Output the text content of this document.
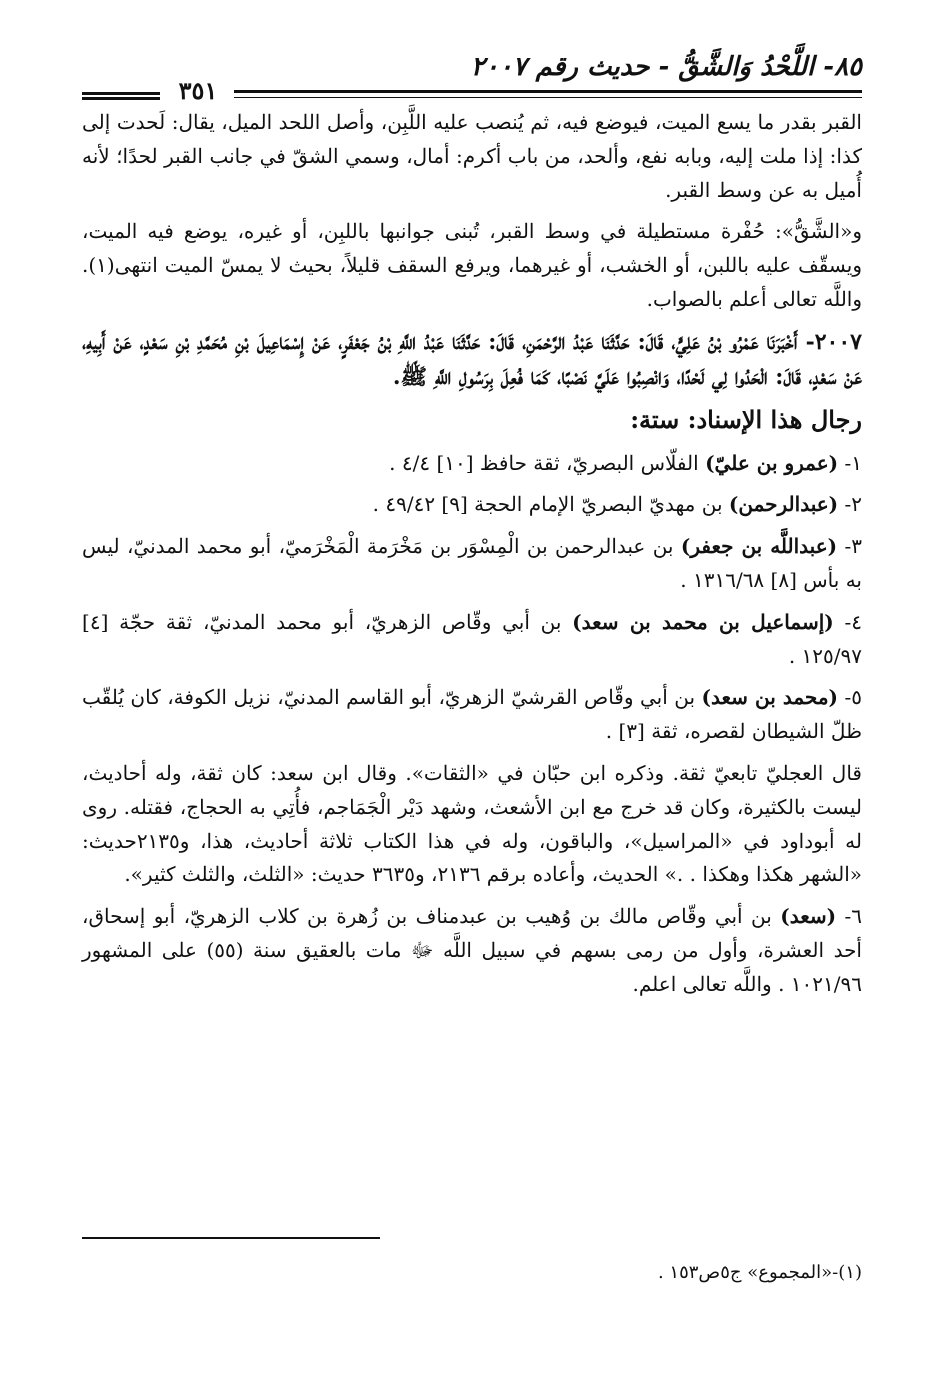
٨٥- اللَّحْدُ وَالشَّقُّ - حديث رقم ٢٠٠٧
٣٥١

القبر بقدر ما يسع الميت، فيوضع فيه، ثم يُنصب عليه اللَّبِن، وأصل اللحد الميل، يقال: لَحدت إلى كذا: إذا ملت إليه، وبابه نفع، وألحد، من باب أكرم: أمال، وسمي الشقّ في جانب القبر لحدًا؛ لأنه أُميل به عن وسط القبر.

و«الشَّقُّ»: حُفْرة مستطيلة في وسط القبر، تُبنى جوانبها باللبِن، أو غيره، يوضع فيه الميت، ويسقّف عليه باللبن، أو الخشب، أو غيرهما، ويرفع السقف قليلاً، بحيث لا يمسّ الميت انتهى(١). واللَّه تعالى أعلم بالصواب.

٢٠٠٧- أَخْبَرَنَا عَمْرُو بْنُ عَلِيٍّ، قَالَ: حَدَّثَنَا عَبْدُ الرَّحْمَنِ، قَالَ: حَدَّثَنَا عَبْدُ اللَّهِ بْنُ جَعْفَرٍ، عَنْ إِسْمَاعِيلَ بْنِ مُحَمَّدِ بْنِ سَعْدٍ، عَنْ أَبِيهِ، عَنْ سَعْدٍ، قَالَ: الْحَدُوا لِي لَحْدًا، وَانْصِبُوا عَلَيَّ نَصْبًا، كَمَا فُعِلَ بِرَسُولِ اللَّهِ ﷺ.

رجال هذا الإسناد: ستة:

١- (عمرو بن عليّ) الفلّاس البصريّ، ثقة حافظ [١٠] ٤/٤ .

٢- (عبدالرحمن) بن مهديّ البصريّ الإمام الحجة [٩] ٤٩/٤٢ .

٣- (عبداللَّه بن جعفر) بن عبدالرحمن بن الْمِسْوَر بن مَخْرَمة الْمَخْرَميّ، أبو محمد المدنيّ، ليس به بأس [٨] ١٣١٦/٦٨ .

٤- (إسماعيل بن محمد بن سعد) بن أبي وقّاص الزهريّ، أبو محمد المدنيّ، ثقة حجّة [٤] ١٢٥/٩٧ .

٥- (محمد بن سعد) بن أبي وقّاص القرشيّ الزهريّ، أبو القاسم المدنيّ، نزيل الكوفة، كان يُلقّب ظلّ الشيطان لقصره، ثقة [٣] .

قال العجليّ تابعيّ ثقة. وذكره ابن حبّان في «الثقات». وقال ابن سعد: كان ثقة، وله أحاديث، ليست بالكثيرة، وكان قد خرج مع ابن الأشعث، وشهد دَيْر الْجَمَاجم، فأُتِي به الحجاج، فقتله. روى له أبوداود في «المراسيل»، والباقون، وله في هذا الكتاب ثلاثة أحاديث، هذا، و٢١٣٥حديث: «الشهر هكذا وهكذا . .» الحديث، وأعاده برقم ٢١٣٦، و٣٦٣٥ حديث: «الثلث، والثلث كثير».

٦- (سعد) بن أبي وقّاص مالك بن وُهيب بن عبدمناف بن زُهرة بن كلاب الزهريّ، أبو إسحاق، أحد العشرة، وأول من رمى بسهم في سبيل اللَّه ﷻ مات بالعقيق سنة (٥٥) على المشهور ١٠٢١/٩٦ . واللَّه تعالى اعلم.

(١)-«المجموع» ج٥ص١٥٣ .
